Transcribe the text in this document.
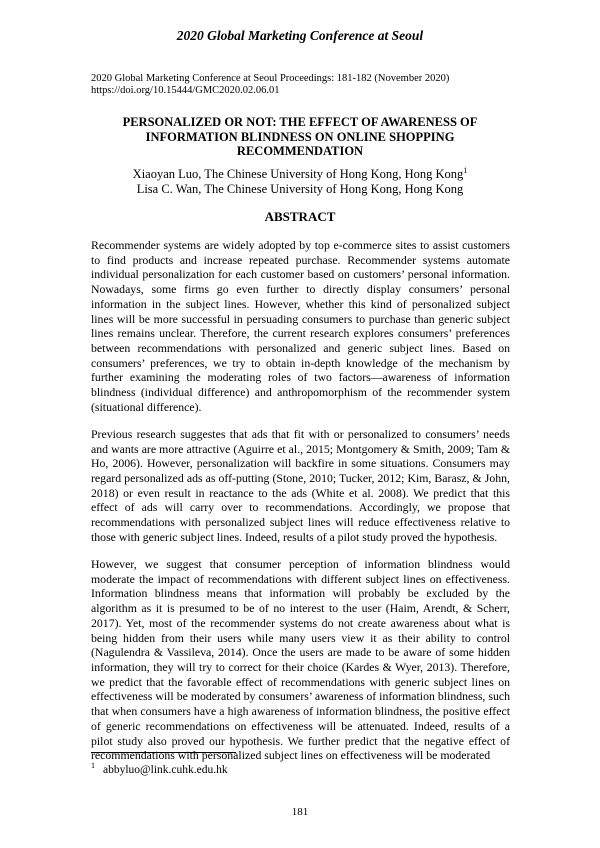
2020 Global Marketing Conference at Seoul
2020 Global Marketing Conference at Seoul Proceedings: 181-182 (November 2020)
https://doi.org/10.15444/GMC2020.02.06.01
PERSONALIZED OR NOT: THE EFFECT OF AWARENESS OF INFORMATION BLINDNESS ON ONLINE SHOPPING RECOMMENDATION
Xiaoyan Luo, The Chinese University of Hong Kong, Hong Kong$^1$
Lisa C. Wan, The Chinese University of Hong Kong, Hong Kong
ABSTRACT

Recommender systems are widely adopted by top e-commerce sites to assist customers to find products and increase repeated purchase. Recommender systems automate individual personalization for each customer based on customers’ personal information. Nowadays, some firms go even further to directly display consumers’ personal information in the subject lines. However, whether this kind of personalized subject lines will be more successful in persuading consumers to purchase than generic subject lines remains unclear. Therefore, the current research explores consumers’ preferences between recommendations with personalized and generic subject lines. Based on consumers’ preferences, we try to obtain in-depth knowledge of the mechanism by further examining the moderating roles of two factors—awareness of information blindness (individual difference) and anthropomorphism of the recommender system (situational difference).

Previous research suggestes that ads that fit with or personalized to consumers’ needs and wants are more attractive (Aguirre et al., 2015; Montgomery & Smith, 2009; Tam & Ho, 2006). However, personalization will backfire in some situations. Consumers may regard personalized ads as off-putting (Stone, 2010; Tucker, 2012; Kim, Barasz, & John, 2018) or even result in reactance to the ads (White et al. 2008). We predict that this effect of ads will carry over to recommendations. Accordingly, we propose that recommendations with personalized subject lines will reduce effectiveness relative to those with generic subject lines. Indeed, results of a pilot study proved the hypothesis.

However, we suggest that consumer perception of information blindness would moderate the impact of recommendations with different subject lines on effectiveness. Information blindness means that information will probably be excluded by the algorithm as it is presumed to be of no interest to the user (Haim, Arendt, & Scherr, 2017). Yet, most of the recommender systems do not create awareness about what is being hidden from their users while many users view it as their ability to control (Nagulendra & Vassileva, 2014). Once the users are made to be aware of some hidden information, they will try to correct for their choice (Kardes & Wyer, 2013). Therefore, we predict that the favorable effect of recommendations with generic subject lines on effectiveness will be moderated by consumers’ awareness of information blindness, such that when consumers have a high awareness of information blindness, the positive effect of generic recommendations on effectiveness will be attenuated. Indeed, results of a pilot study also proved our hypothesis. We further predict that the negative effect of recommendations with personalized subject lines on effectiveness will be moderated

$^1$ abbyluo@link.cuhk.edu.hk
181
